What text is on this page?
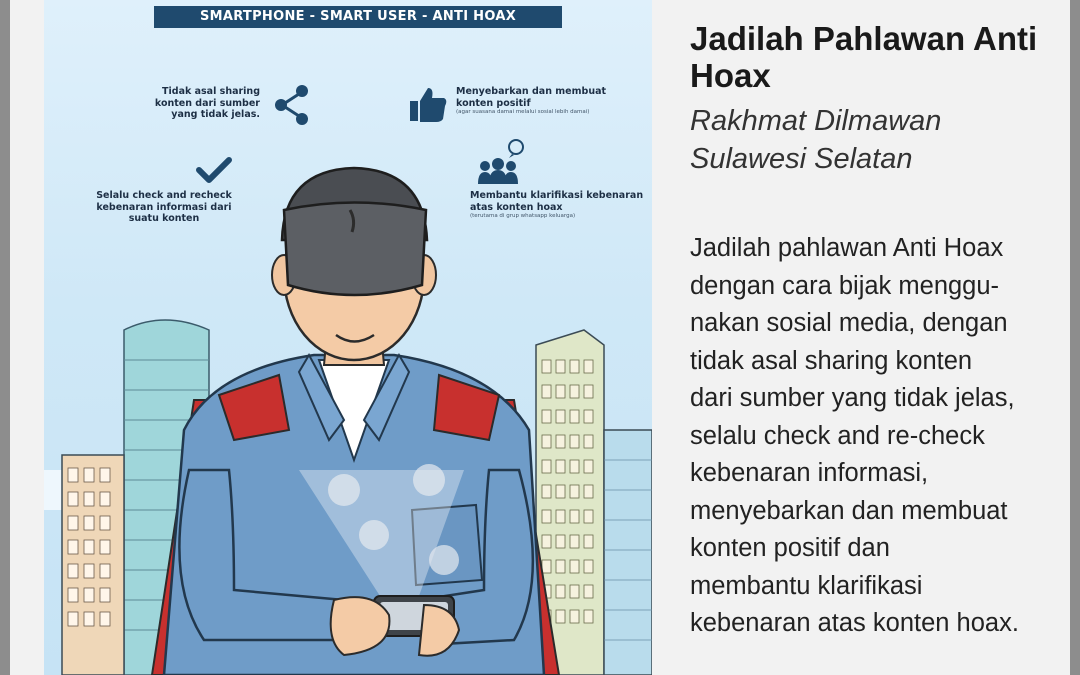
SMARTPHONE - SMART USER - ANTI HOAX
Tidak asal sharing konten dari sumber yang tidak jelas.
Menyebarkan dan membuat konten positif
(agar suasana damai melalui sosial lebih damai)
Selalu check and recheck kebenaran informasi dari suatu konten
Membantu klarifikasi kebenaran atas konten hoax
(terutama di grup whatsapp keluarga)
Jadilah Pahlawan Anti Hoax
Rakhmat Dilmawan
Sulawesi Selatan
Jadilah pahlawan Anti Hoax
dengan cara bijak menggu-
nakan sosial media, dengan
tidak asal sharing konten
dari sumber yang tidak jelas,
selalu check and re-check
kebenaran informasi,
menyebarkan dan membuat
konten positif dan
membantu klarifikasi
kebenaran atas konten hoax.
